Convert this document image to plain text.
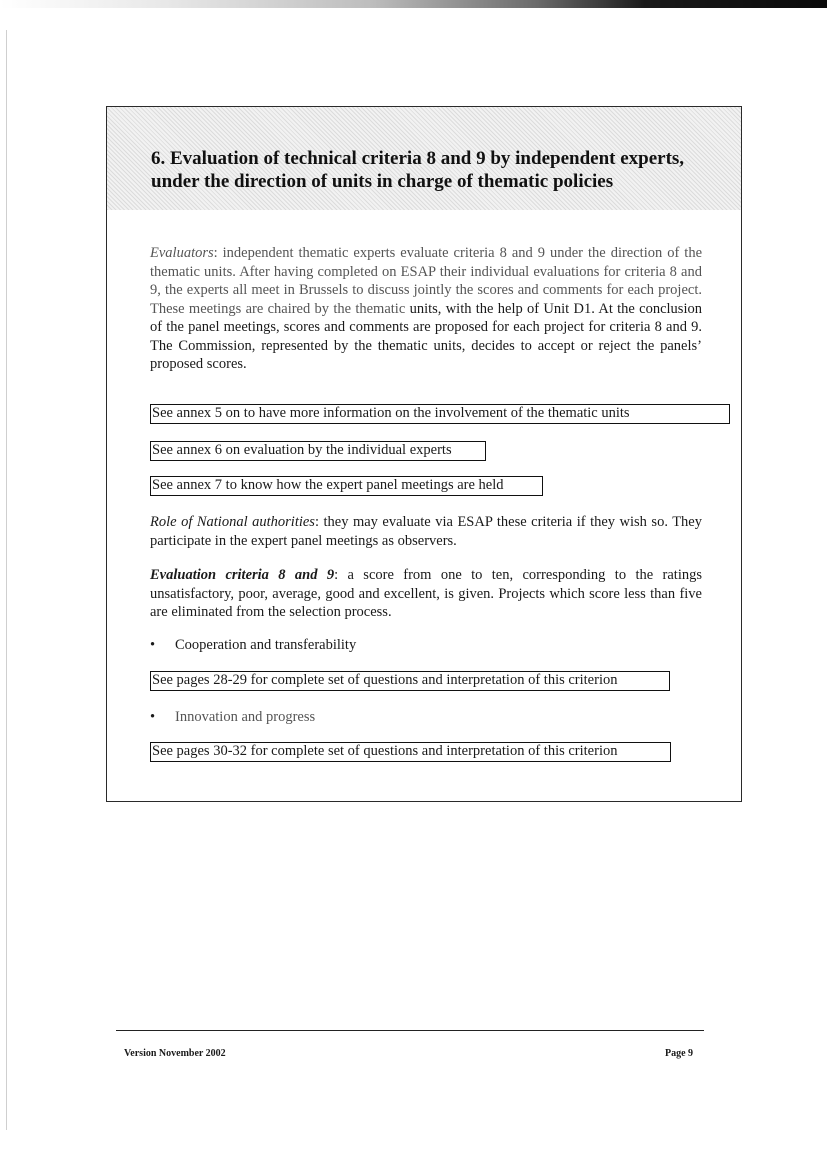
6. Evaluation of technical criteria 8 and 9 by independent experts,
under the direction of units in charge of thematic policies

Evaluators: independent thematic experts evaluate criteria 8 and 9 under the direction of the thematic units. After having completed on ESAP their individual evaluations for criteria 8 and 9, the experts all meet in Brussels to discuss jointly the scores and comments for each project. These meetings are chaired by the thematic units, with the help of Unit D1. At the conclusion of the panel meetings, scores and comments are proposed for each project for criteria 8 and 9. The Commission, represented by the thematic units, decides to accept or reject the panels’ proposed scores.

See annex 5 on to have more information on the involvement of the thematic units
See annex 6 on evaluation by the individual experts
See annex 7 to know how the expert panel meetings are held

Role of National authorities: they may evaluate via ESAP these criteria if they wish so. They participate in the expert panel meetings as observers.

Evaluation criteria 8 and 9: a score from one to ten, corresponding to the ratings unsatisfactory, poor, average, good and excellent, is given. Projects which score less than five are eliminated from the selection process.

• Cooperation and transferability
See pages 28-29 for complete set of questions and interpretation of this criterion
• Innovation and progress
See pages 30-32 for complete set of questions and interpretation of this criterion
Version November 2002	Page 9
